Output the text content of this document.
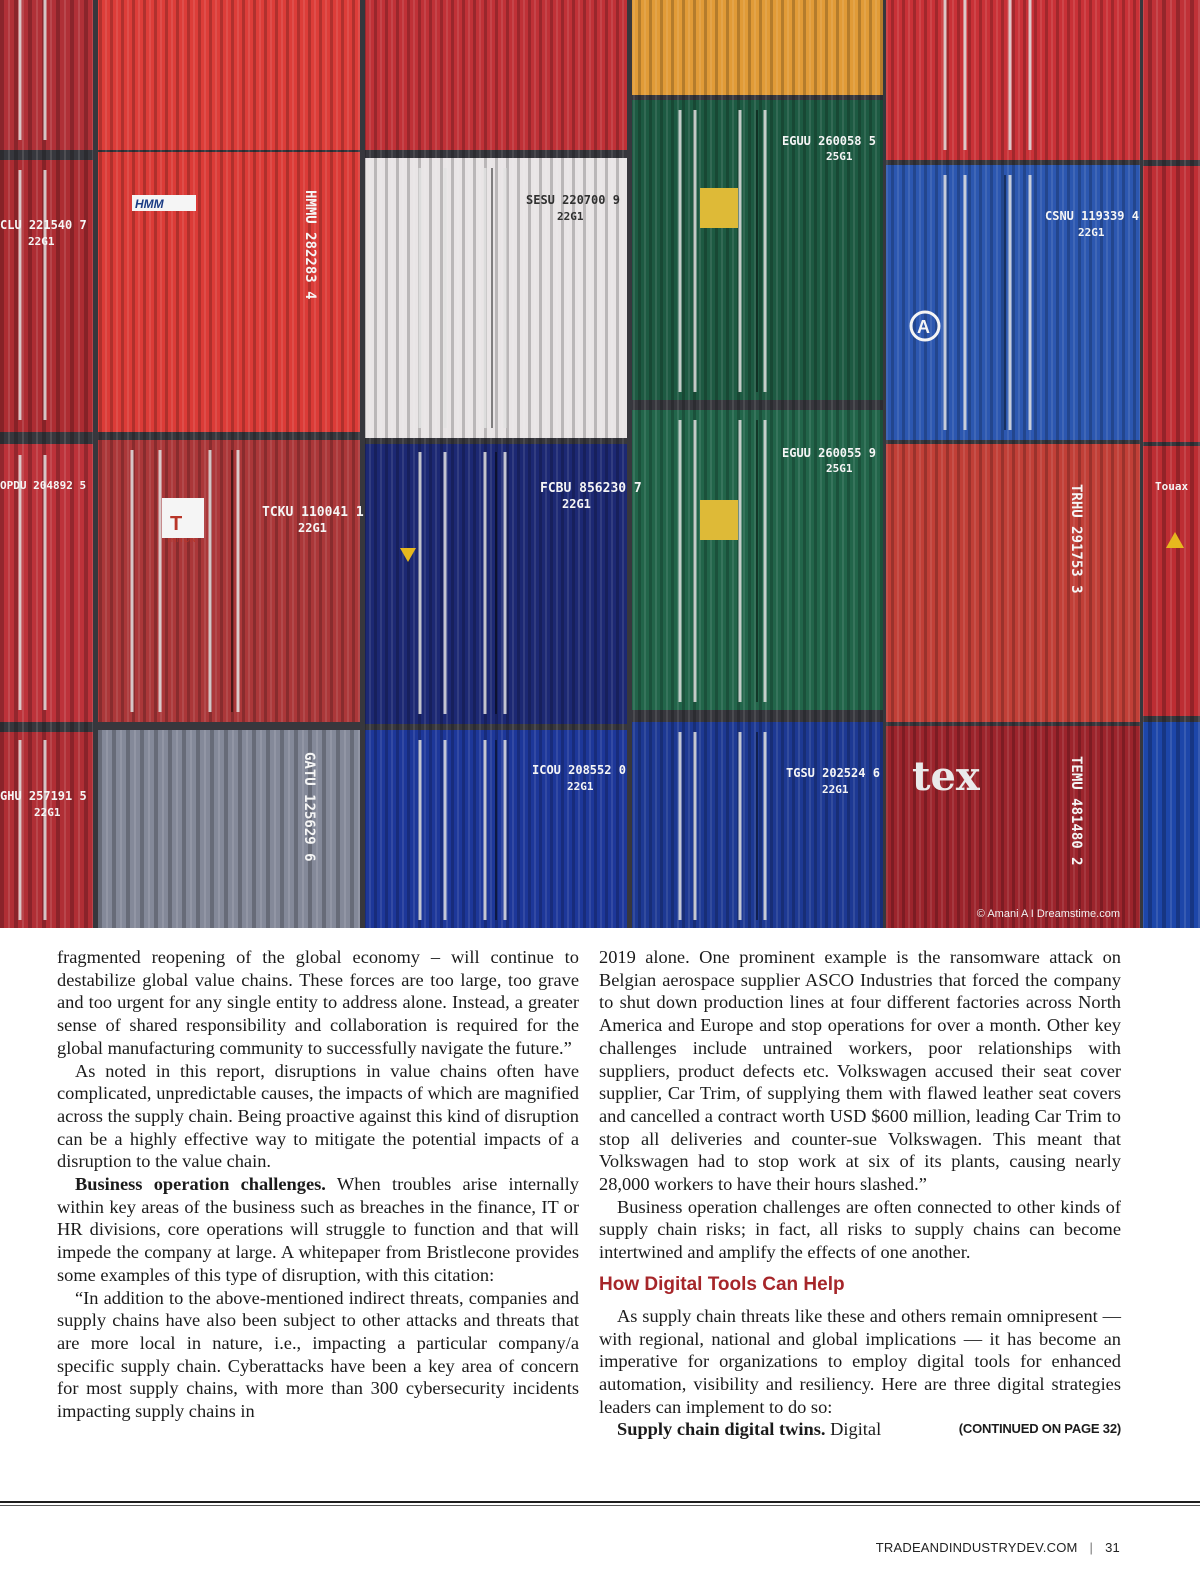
© Amani A I Dreamstime.com

fragmented reopening of the global economy – will continue to destabilize global value chains. These forces are too large, too grave and too urgent for any single entity to address alone. Instead, a greater sense of shared responsibility and collaboration is required for the global manufacturing community to successfully navigate the future.”

As noted in this report, disruptions in value chains often have complicated, unpredictable causes, the impacts of which are magnified across the supply chain. Being proactive against this kind of disruption can be a highly effective way to mitigate the potential impacts of a disruption to the value chain.

Business operation challenges. When troubles arise internally within key areas of the business such as breaches in the finance, IT or HR divisions, core operations will struggle to function and that will impede the company at large. A whitepaper from Bristlecone provides some examples of this type of disruption, with this citation:

“In addition to the above-mentioned indirect threats, companies and supply chains have also been subject to other attacks and threats that are more local in nature, i.e., impacting a particular company/a specific supply chain. Cyberattacks have been a key area of concern for most supply chains, with more than 300 cybersecurity incidents impacting supply chains in

2019 alone. One prominent example is the ransomware attack on Belgian aerospace supplier ASCO Industries that forced the company to shut down production lines at four different factories across North America and Europe and stop operations for over a month. Other key challenges include untrained workers, poor relationships with suppliers, product defects etc. Volkswagen accused their seat cover supplier, Car Trim, of supplying them with flawed leather seat covers and cancelled a contract worth USD $600 million, leading Car Trim to stop all deliveries and counter-sue Volkswagen. This meant that Volkswagen had to stop work at six of its plants, causing nearly 28,000 workers to have their hours slashed.”

Business operation challenges are often connected to other kinds of supply chain risks; in fact, all risks to supply chains can become intertwined and amplify the effects of one another.

How Digital Tools Can Help

As supply chain threats like these and others remain omnipresent — with regional, national and global implications — it has become an imperative for organizations to employ digital tools for enhanced automation, visibility and resiliency. Here are three digital strategies leaders can implement to do so:

(CONTINUED ON PAGE 32)
Supply chain digital twins. Digital

TRADEANDINDUSTRYDEV.COM | 31
